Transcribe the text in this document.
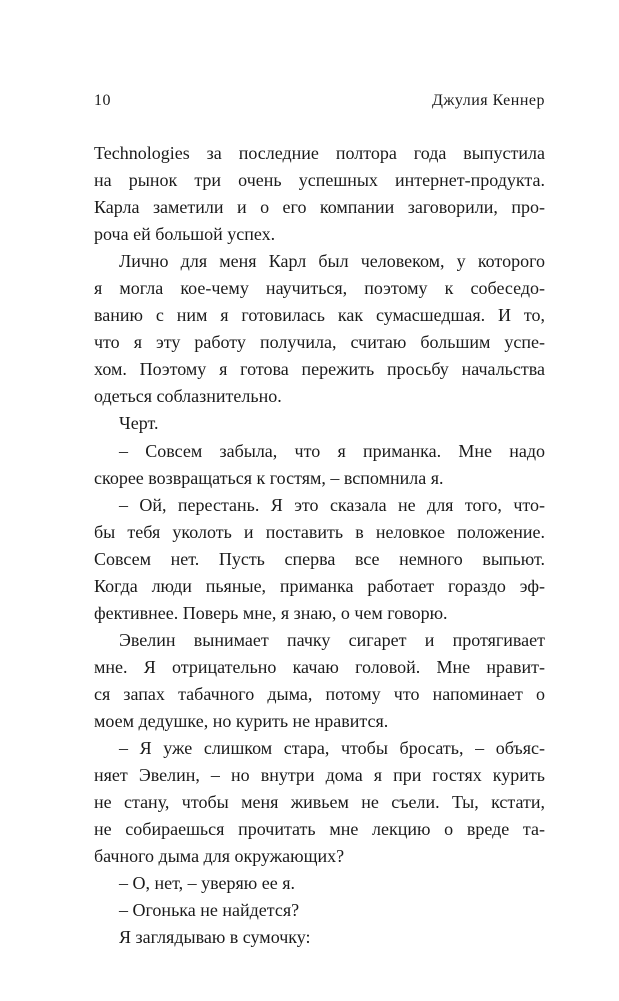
10	Джулия Кеннер
Technologies за последние полтора года выпустила
на рынок три очень успешных интернет-продукта.
Карла заметили и о его компании заговорили, про-
роча ей большой успех.
Лично для меня Карл был человеком, у которого
я могла кое-чему научиться, поэтому к собеседо-
ванию с ним я готовилась как сумасшедшая. И то,
что я эту работу получила, считаю большим успе-
хом. Поэтому я готова пережить просьбу начальства
одеться соблазнительно.
Черт.
– Совсем забыла, что я приманка. Мне надо
скорее возвращаться к гостям, – вспомнила я.
– Ой, перестань. Я это сказала не для того, что-
бы тебя уколоть и поставить в неловкое положение.
Совсем нет. Пусть сперва все немного выпьют.
Когда люди пьяные, приманка работает гораздо эф-
фективнее. Поверь мне, я знаю, о чем говорю.
Эвелин вынимает пачку сигарет и протягивает
мне. Я отрицательно качаю головой. Мне нравит-
ся запах табачного дыма, потому что напоминает о
моем дедушке, но курить не нравится.
– Я уже слишком стара, чтобы бросать, – объяс-
няет Эвелин, – но внутри дома я при гостях курить
не стану, чтобы меня живьем не съели. Ты, кстати,
не собираешься прочитать мне лекцию о вреде та-
бачного дыма для окружающих?
– О, нет, – уверяю ее я.
– Огонька не найдется?
Я заглядываю в сумочку:
